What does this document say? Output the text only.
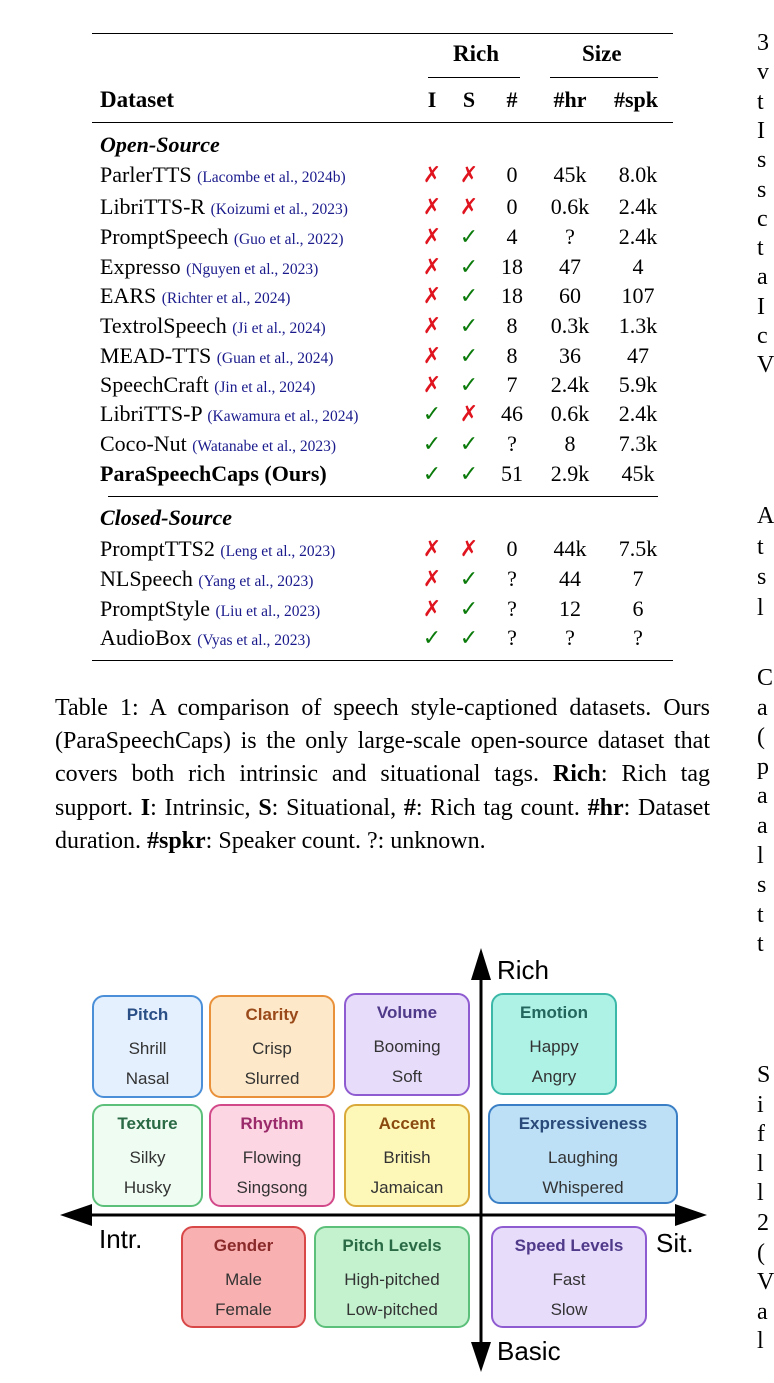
Rich	Size
Dataset	I S # #hr #spk
Open-Source
ParlerTTS (Lacombe et al., 2024b)	✗ ✗ 0 45k 8.0k
LibriTTS-R (Koizumi et al., 2023)	✗ ✗ 0 0.6k 2.4k
PromptSpeech (Guo et al., 2022)	✗ ✓ 4 ? 2.4k
Expresso (Nguyen et al., 2023)	✗ ✓ 18 47 4
EARS (Richter et al., 2024)	✗ ✓ 18 60 107
TextrolSpeech (Ji et al., 2024)	✗ ✓ 8 0.3k 1.3k
MEAD-TTS (Guan et al., 2024)	✗ ✓ 8 36 47
SpeechCraft (Jin et al., 2024)	✗ ✓ 7 2.4k 5.9k
LibriTTS-P (Kawamura et al., 2024)	✓ ✗ 46 0.6k 2.4k
Coco-Nut (Watanabe et al., 2023)	✓ ✓ ? 8 7.3k
ParaSpeechCaps (Ours)	✓ ✓ 51 2.9k 45k
Closed-Source
PromptTTS2 (Leng et al., 2023)	✗ ✗ 0 44k 7.5k
NLSpeech (Yang et al., 2023)	✗ ✓ ? 44 7
PromptStyle (Liu et al., 2023)	✗ ✓ ? 12 6
AudioBox (Vyas et al., 2023)	✓ ✓ ? ?	?
Table 1: A comparison of speech style-captioned datasets. Ours (ParaSpeechCaps) is the only large-scale open-source dataset that covers both rich intrinsic and situational tags. Rich: Rich tag support. I: Intrinsic, S: Situational, #: Rich tag count. #hr: Dataset duration. #spkr: Speaker count. ?: unknown.
Rich
Basic
Intr.	Sit.
Pitch
Shrill
Nasal
Clarity
Crisp
Slurred
Volume
Booming
Soft
Emotion
Happy
Angry
Texture
Silky
Husky
Rhythm
Flowing
Singsong
Accent
British
Jamaican
Expressiveness
Laughing
Whispered
Gender
Male
Female
Pitch Levels
High-pitched
Low-pitched
Speed Levels
Fast
Slow
3
v
t
I
s
s
c
t
a
I
c
V
A
t
s
l
C
a
(
p
a
a
l
s
t
t
S
i
f
l
l
2
(
V
a
l
